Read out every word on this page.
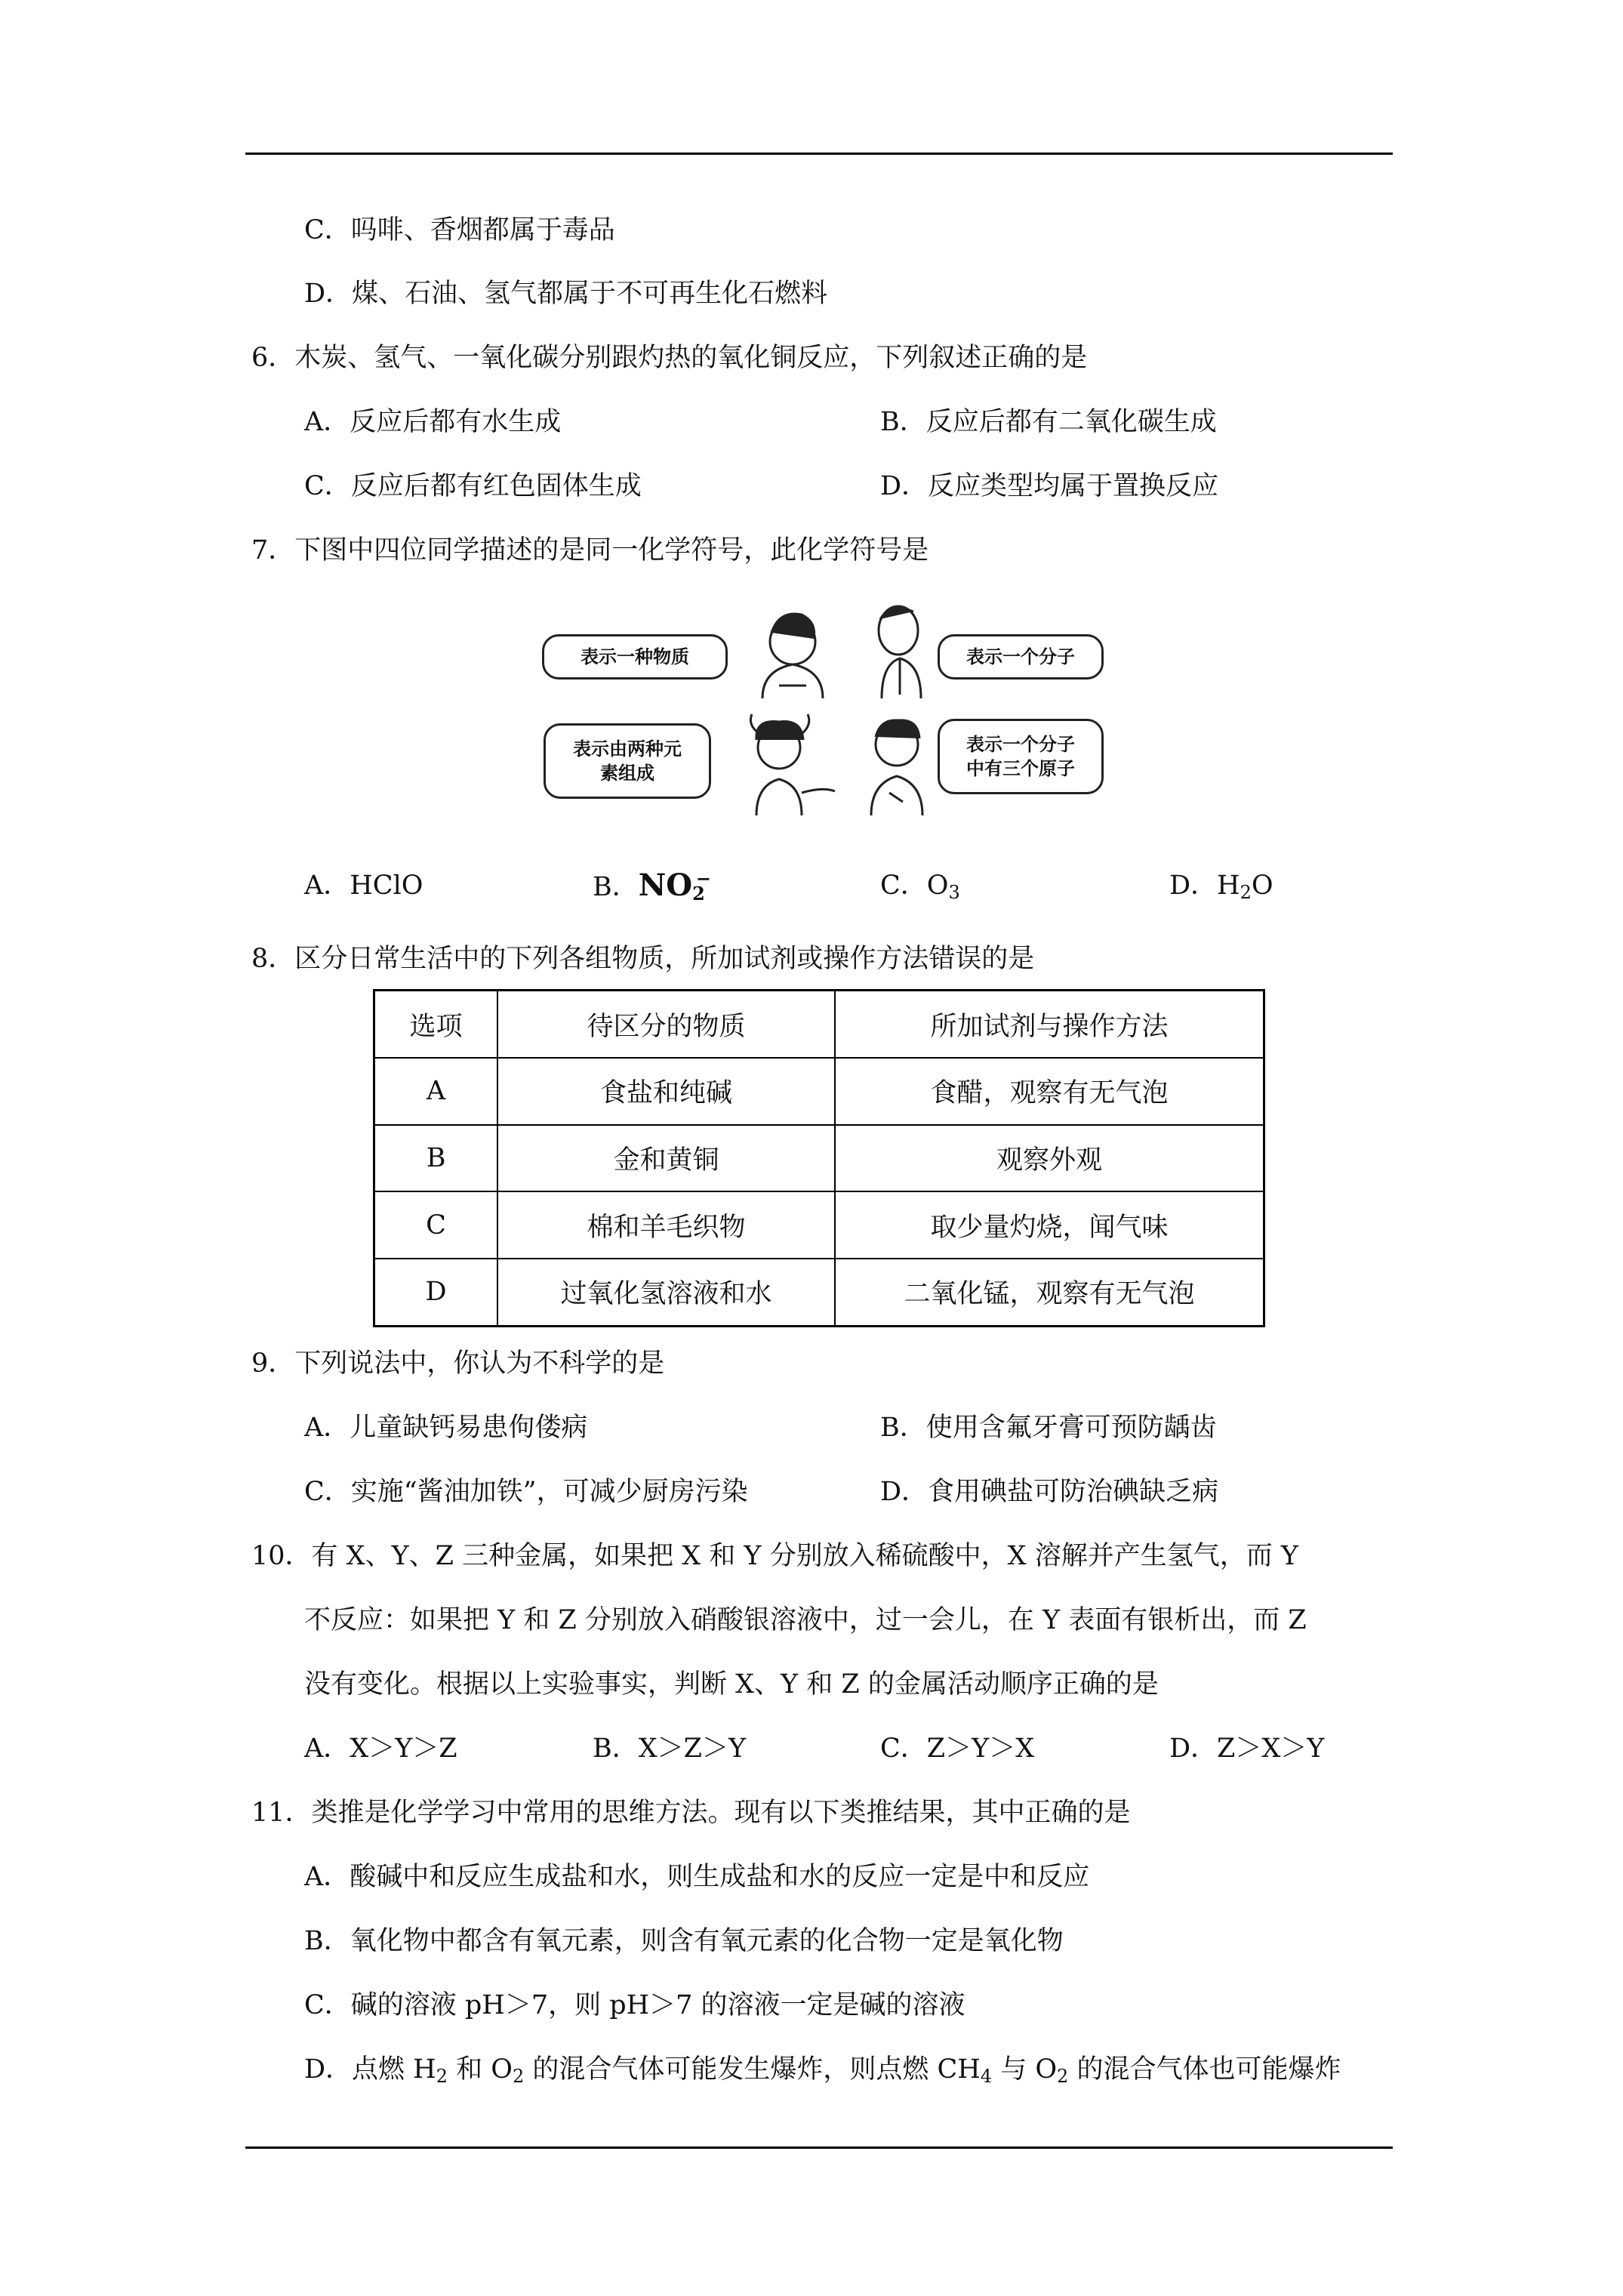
C．吗啡、香烟都属于毒品
D．煤、石油、氢气都属于不可再生化石燃料
6．木炭、氢气、一氧化碳分别跟灼热的氧化铜反应，下列叙述正确的是
A．反应后都有水生成	B．反应后都有二氧化碳生成
C．反应后都有红色固体生成	D．反应类型均属于置换反应
7．下图中四位同学描述的是同一化学符号，此化学符号是
表示一种物质	表示一个分子
表示由两种元
素组成
表示一个分子
中有三个原子
A．HClO	B．$NO_2^-$	C．$O_3$	D．$H_2O$
8．区分日常生活中的下列各组物质，所加试剂或操作方法错误的是
选项	待区分的物质	所加试剂与操作方法
A	食盐和纯碱	食醋，观察有无气泡
B	金和黄铜	观察外观
C	棉和羊毛织物	取少量灼烧，闻气味
D	过氧化氢溶液和水	二氧化锰，观察有无气泡
9．下列说法中，你认为不科学的是
A．儿童缺钙易患佝偻病	B．使用含氟牙膏可预防龋齿
C．实施“酱油加铁”，可减少厨房污染	D．食用碘盐可防治碘缺乏病
10．有 X、Y、Z 三种金属，如果把 X 和 Y 分别放入稀硫酸中，X 溶解并产生氢气，而 Y
不反应：如果把 Y 和 Z 分别放入硝酸银溶液中，过一会儿，在 Y 表面有银析出，而 Z
没有变化。根据以上实验事实，判断 X、Y 和 Z 的金属活动顺序正确的是
A．X＞Y＞Z	B．X＞Z＞Y	C．Z＞Y＞X	D．Z＞X＞Y
11．类推是化学学习中常用的思维方法。现有以下类推结果，其中正确的是
A．酸碱中和反应生成盐和水，则生成盐和水的反应一定是中和反应
B．氧化物中都含有氧元素，则含有氧元素的化合物一定是氧化物
C．碱的溶液 pH＞7，则 pH＞7 的溶液一定是碱的溶液
D．点燃 $H_2$ 和 $O_2$ 的混合气体可能发生爆炸，则点燃 $CH_4$ 与 $O_2$ 的混合气体也可能爆炸
